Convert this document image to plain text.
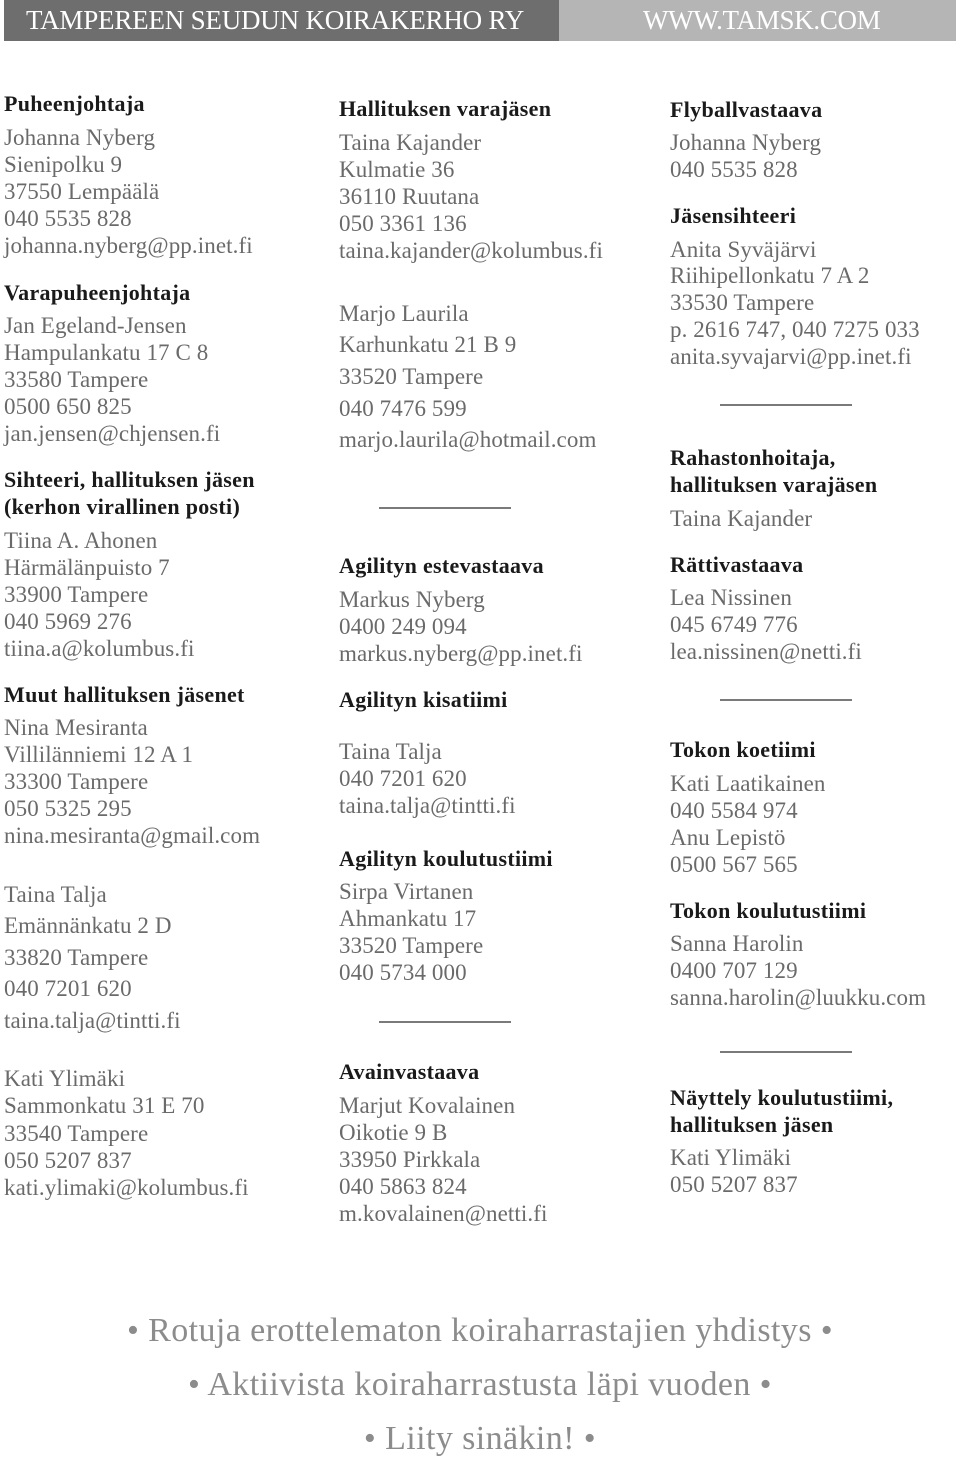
TAMPEREEN SEUDUN KOIRAKERHO RY	WWW.TAMSK.COM
Puheenjohtaja
Johanna Nyberg
Sienipolku 9
37550 Lempäälä
040 5535 828
johanna.nyberg@pp.inet.fi
Varapuheenjohtaja
Jan Egeland-Jensen
Hampulankatu 17 C 8
33580 Tampere
0500 650 825
jan.jensen@chjensen.fi
Sihteeri, hallituksen jäsen
(kerhon virallinen posti)
Tiina A. Ahonen
Härmälänpuisto 7
33900 Tampere
040 5969 276
tiina.a@kolumbus.fi
Muut hallituksen jäsenet
Nina Mesiranta
Villilänniemi 12 A 1
33300 Tampere
050 5325 295
nina.mesiranta@gmail.com
Taina Talja
Emännänkatu 2 D
33820 Tampere
040 7201 620
taina.talja@tintti.fi
Kati Ylimäki
Sammonkatu 31 E 70
33540 Tampere
050 5207 837
kati.ylimaki@kolumbus.fi
Hallituksen varajäsen
Taina Kajander
Kulmatie 36
36110 Ruutana
050 3361 136
taina.kajander@kolumbus.fi
Marjo Laurila
Karhunkatu 21 B 9
33520 Tampere
040 7476 599
marjo.laurila@hotmail.com
Agilityn estevastaava
Markus Nyberg
0400 249 094
markus.nyberg@pp.inet.fi
Agilityn kisatiimi
Taina Talja
040 7201 620
taina.talja@tintti.fi
Agilityn koulutustiimi
Sirpa Virtanen
Ahmankatu 17
33520 Tampere
040 5734 000
Avainvastaava
Marjut Kovalainen
Oikotie 9 B
33950 Pirkkala
040 5863 824
m.kovalainen@netti.fi
Flyballvastaava
Johanna Nyberg
040 5535 828
Jäsensihteeri
Anita Syväjärvi
Riihipellonkatu 7 A 2
33530 Tampere
p. 2616 747, 040 7275 033
anita.syvajarvi@pp.inet.fi
Rahastonhoitaja,
hallituksen varajäsen
Taina Kajander
Rättivastaava
Lea Nissinen
045 6749 776
lea.nissinen@netti.fi
Tokon koetiimi
Kati Laatikainen
040 5584 974
Anu Lepistö
0500 567 565
Tokon koulutustiimi
Sanna Harolin
0400 707 129
sanna.harolin@luukku.com
Näyttely koulutustiimi,
hallituksen jäsen
Kati Ylimäki
050 5207 837
• Rotuja erottelematon koiraharrastajien yhdistys •
• Aktiivista koiraharrastusta läpi vuoden •
• Liity sinäkin! •
